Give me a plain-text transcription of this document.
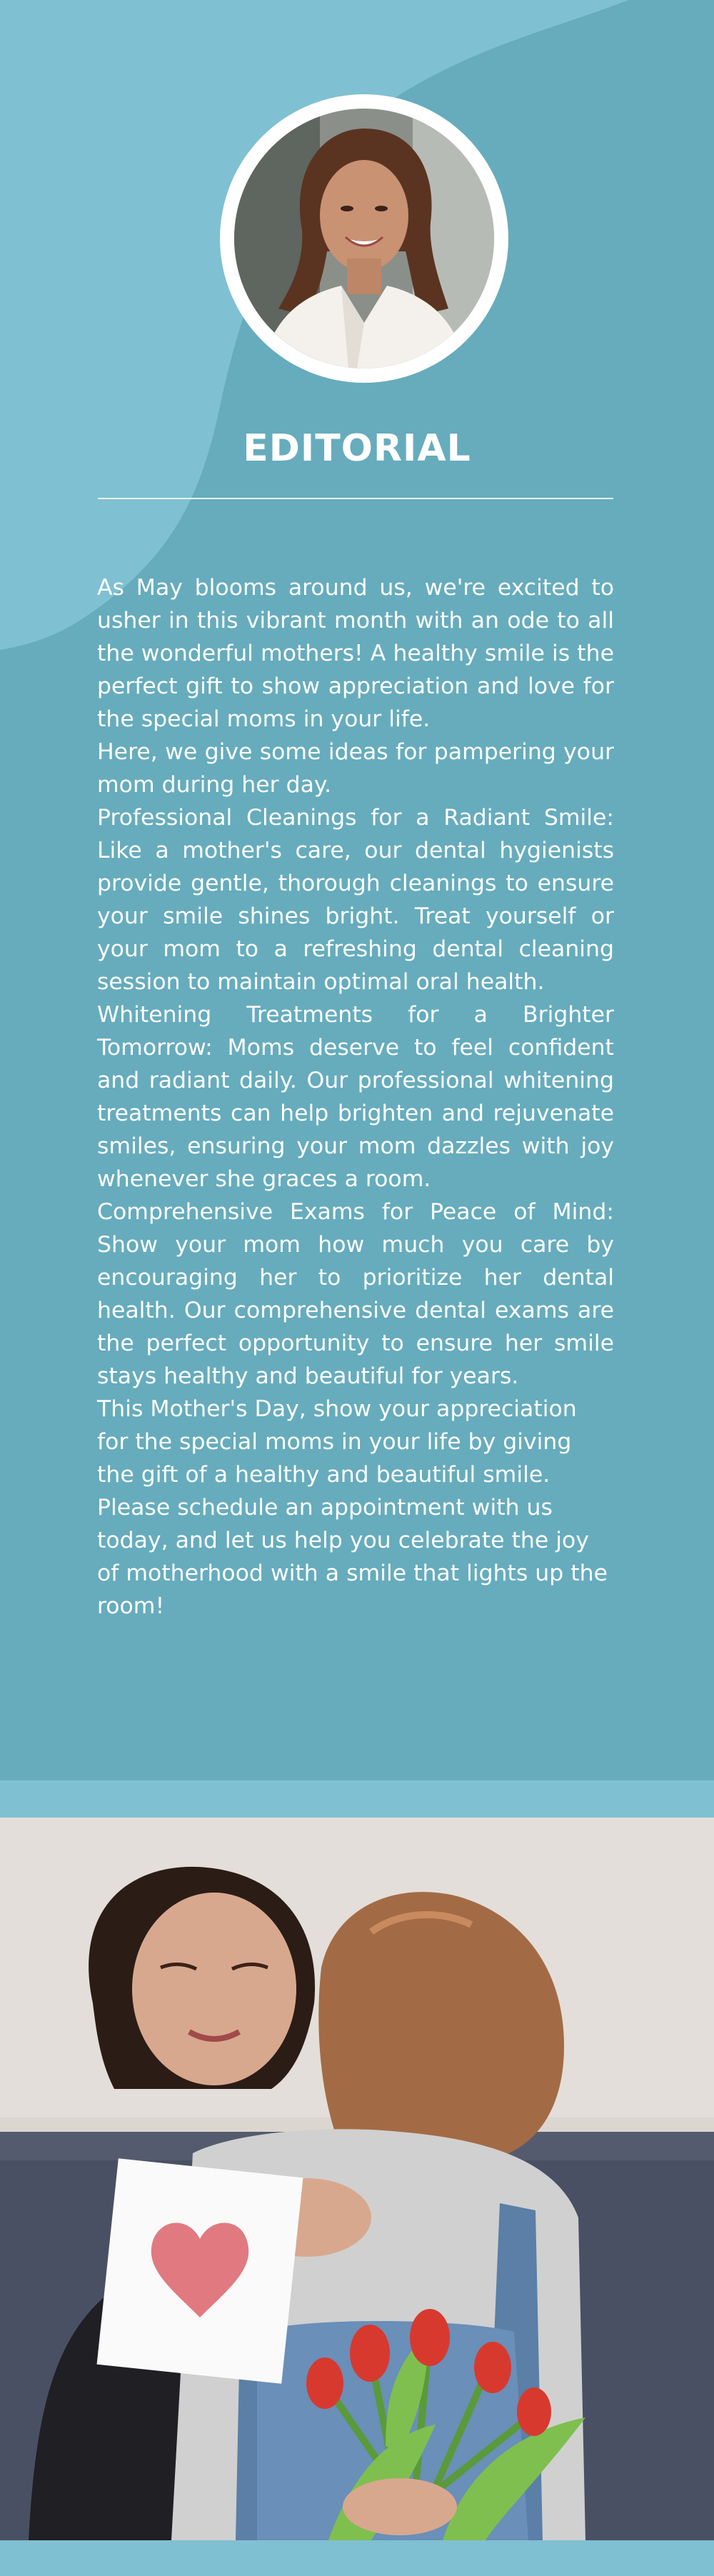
EDITORIAL

As May blooms around us, we're excited to usher in this vibrant month with an ode to all the wonderful mothers! A healthy smile is the perfect gift to show appreciation and love for the special moms in your life.

Here, we give some ideas for pampering your mom during her day.

Professional Cleanings for a Radiant Smile: Like a mother's care, our dental hygienists provide gentle, thorough cleanings to ensure your smile shines bright. Treat yourself or your mom to a refreshing dental cleaning session to maintain optimal oral health.

Whitening Treatments for a Brighter Tomorrow: Moms deserve to feel confident and radiant daily. Our professional whitening treatments can help brighten and rejuvenate smiles, ensuring your mom dazzles with joy whenever she graces a room.

Comprehensive Exams for Peace of Mind: Show your mom how much you care by encouraging her to prioritize her dental health. Our comprehensive dental exams are the perfect opportunity to ensure her smile stays healthy and beautiful for years.

This Mother's Day, show your appreciation for the special moms in your life by giving the gift of a healthy and beautiful smile. Please schedule an appointment with us today, and let us help you celebrate the joy of motherhood with a smile that lights up the room!
